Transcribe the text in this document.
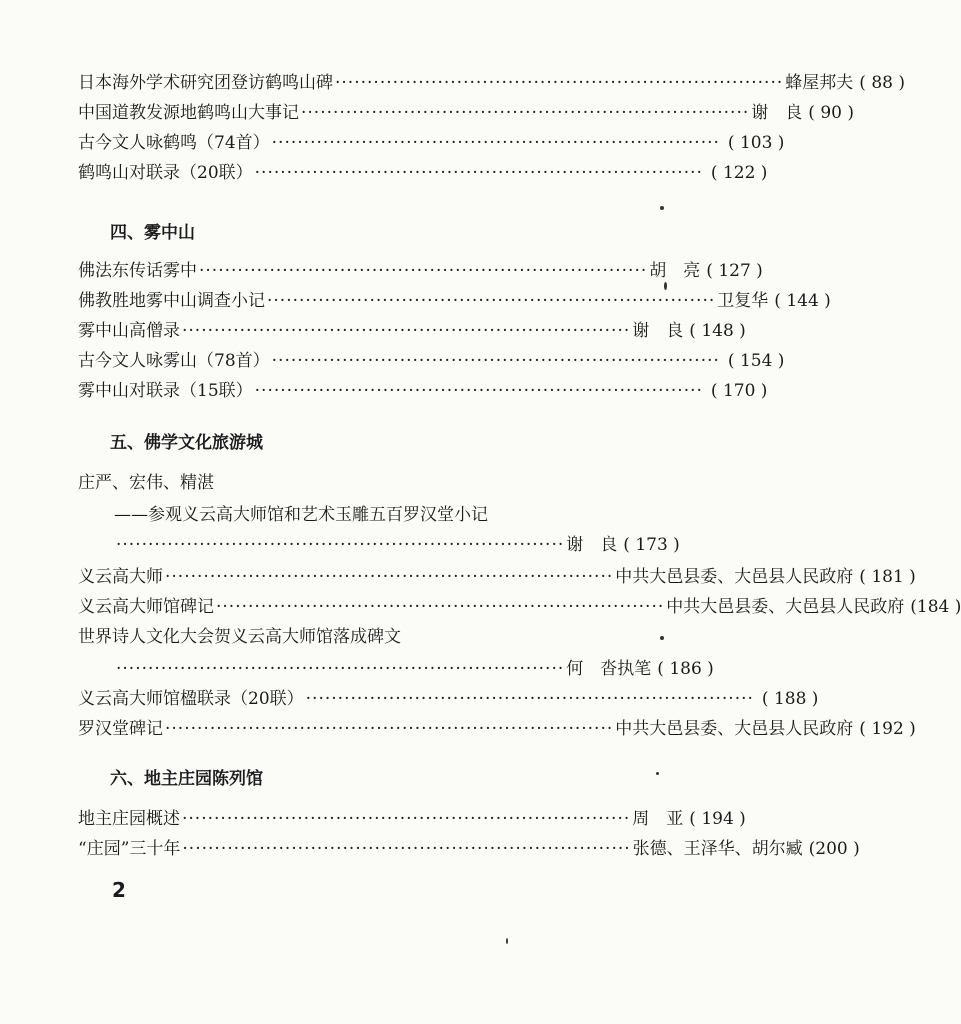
日本海外学术研究团登访鹤鸣山碑 ······································································ 蜂屋邦夫 ( 88 )
中国道教发源地鹤鸣山大事记 ······································································ 谢　良 ( 90 )
古今文人咏鹤鸣（74首） ······································································ ( 103 )
鹤鸣山对联录（20联） ······································································ ( 122 )
四、雾中山
佛法东传话雾中 ······································································ 胡　亮 ( 127 )
佛教胜地雾中山调查小记 ······································································ 卫复华 ( 144 )
雾中山高僧录 ······································································ 谢　良 ( 148 )
古今文人咏雾山（78首） ······································································ ( 154 )
雾中山对联录（15联） ······································································ ( 170 )
五、佛学文化旅游城
庄严、宏伟、精湛
——参观义云高大师馆和艺术玉雕五百罗汉堂小记
······································································ 谢　良 ( 173 )
义云高大师 ······································································ 中共大邑县委、大邑县人民政府 ( 181 )
义云高大师馆碑记 ······································································ 中共大邑县委、大邑县人民政府 (184 )
世界诗人文化大会贺义云高大师馆落成碑文
······································································ 何　沓执笔 ( 186 )
义云高大师馆楹联录（20联） ······································································ ( 188 )
罗汉堂碑记 ······································································ 中共大邑县委、大邑县人民政府 ( 192 )
六、地主庄园陈列馆
地主庄园概述 ······································································ 周　亚 ( 194 )
“庄园”三十年 ······································································ 张德、王泽华、胡尔臧 (200 )
2
